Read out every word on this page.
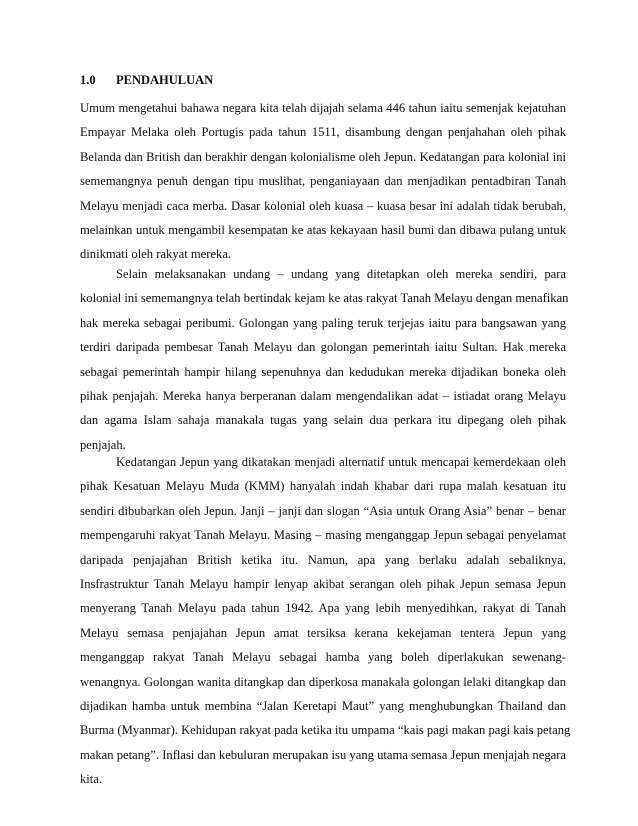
1.0 PENDAHULUAN
Umum mengetahui bahawa negara kita telah dijajah selama 446 tahun iaitu semenjak kejatuhan
Empayar Melaka oleh Portugis pada tahun 1511, disambung dengan penjahahan oleh pihak
Belanda dan British dan berakhir dengan kolonialisme oleh Jepun. Kedatangan para kolonial ini
sememangnya penuh dengan tipu muslihat, penganiayaan dan menjadikan pentadbiran Tanah
Melayu menjadi caca merba. Dasar kolonial oleh kuasa – kuasa besar ini adalah tidak berubah,
melainkan untuk mengambil kesempatan ke atas kekayaan hasil bumi dan dibawa pulang untuk
dinikmati oleh rakyat mereka.
Selain melaksanakan undang – undang yang ditetapkan oleh mereka sendiri, para
kolonial ini sememangnya telah bertindak kejam ke atas rakyat Tanah Melayu dengan menafikan
hak mereka sebagai peribumi. Golongan yang paling teruk terjejas iaitu para bangsawan yang
terdiri daripada pembesar Tanah Melayu dan golongan pemerintah iaitu Sultan. Hak mereka
sebagai pemerintah hampir hilang sepenuhnya dan kedudukan mereka dijadikan boneka oleh
pihak penjajah. Mereka hanya berperanan dalam mengendalikan adat – istiadat orang Melayu
dan agama Islam sahaja manakala tugas yang selain dua perkara itu dipegang oleh pihak
penjajah.
Kedatangan Jepun yang dikatakan menjadi alternatif untuk mencapai kemerdekaan oleh
pihak Kesatuan Melayu Muda (KMM) hanyalah indah khabar dari rupa malah kesatuan itu
sendiri dibubarkan oleh Jepun. Janji – janji dan slogan “Asia untuk Orang Asia” benar – benar
mempengaruhi rakyat Tanah Melayu. Masing – masing menganggap Jepun sebagai penyelamat
daripada penjajahan British ketika itu. Namun, apa yang berlaku adalah sebaliknya,
Insfrastruktur Tanah Melayu hampir lenyap akibat serangan oleh pihak Jepun semasa Jepun
menyerang Tanah Melayu pada tahun 1942. Apa yang lebih menyedihkan, rakyat di Tanah
Melayu semasa penjajahan Jepun amat tersiksa kerana kekejaman tentera Jepun yang
menganggap rakyat Tanah Melayu sebagai hamba yang boleh diperlakukan sewenang-
wenangnya. Golongan wanita ditangkap dan diperkosa manakala golongan lelaki ditangkap dan
dijadikan hamba untuk membina “Jalan Keretapi Maut” yang menghubungkan Thailand dan
Burma (Myanmar). Kehidupan rakyat pada ketika itu umpama “kais pagi makan pagi kais petang
makan petang”. Inflasi dan kebuluran merupakan isu yang utama semasa Jepun menjajah negara
kita.
